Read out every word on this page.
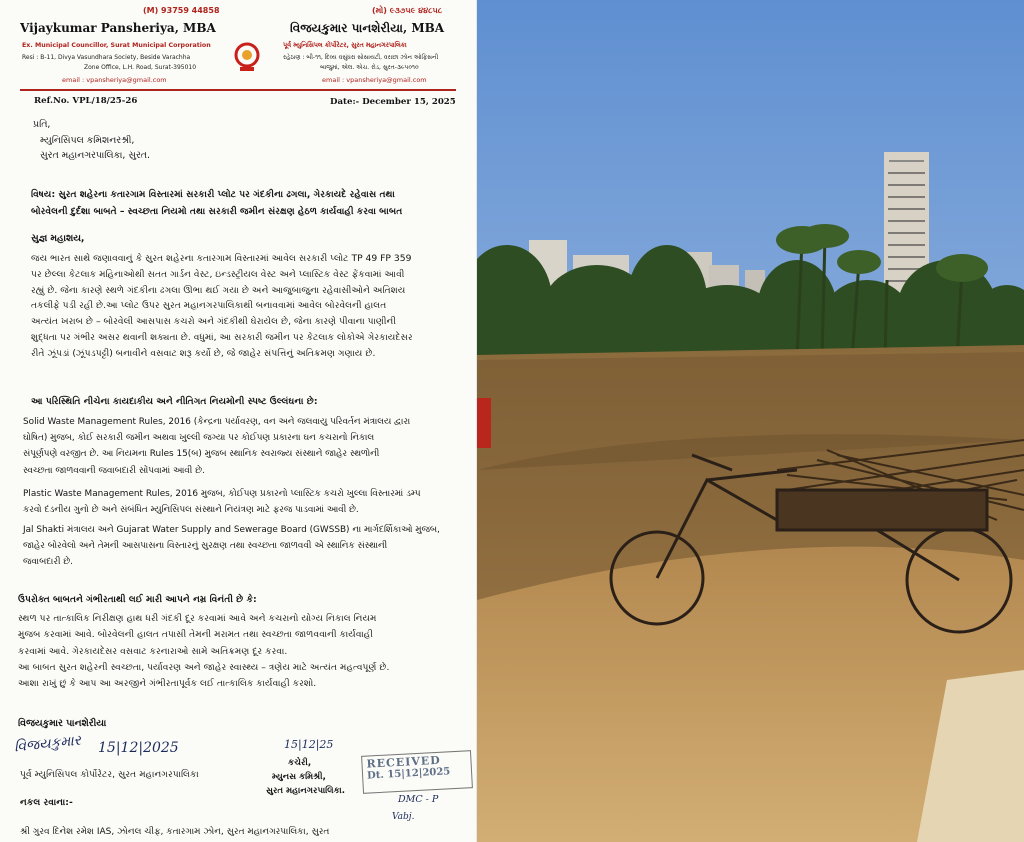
(M) 93759 44858
Vijaykumar Pansheriya, MBA
Ex. Municipal Councillor, Surat Municipal Corporation
Resi : B-11, Divya Vasundhara Society, Beside Varachha
Zone Office, L.H. Road, Surat-395010
email : vpansheriya@gmail.com
(મો) ૯૩૭૫૯ ૪૪૮૫૮
વિજયકુમાર પાનશેરીયા, MBA
પૂર્વ મ્યુનિસિપલ કોર્પોરેટર, સુરત મહાનગરપાલિકા
રહેઠાણ : બી-૧૧, દિવ્ય વસુંધરા સોસાયટી, વરાછા ઝોન ઓફિસની
બાજુમાં, એલ. એચ. રોડ, સુરત-૩૯૫૦૧૦
email : vpansheriya@gmail.com
Ref.No. VPL/18/25-26	Date:- December 15, 2025
પ્રતિ,
મ્યુનિસિપલ કમિશનરશ્રી,
સુરત મહાનગરપાલિકા, સુરત.
વિષય: સુરત શહેરના કતારગામ વિસ્તારમાં સરકારી પ્લોટ પર ગંદકીના ઢગલા, ગેરકાયદે રહેવાસ તથા
બોરવેલની દુર્દશા બાબતે – સ્વચ્છતા નિયમો તથા સરકારી જમીન સંરક્ષણ હેઠળ કાર્યવાહી કરવા બાબત
સુજ્ઞ મહાશય,
જય ભારત સાથે જણાવવાનું કે સુરત શહેરના કતારગામ વિસ્તારમાં આવેલ સરકારી પ્લોટ TP 49 FP 359
પર છેલ્લા કેટલાક મહિનાઓથી સતત ગાર્ડન વેસ્ટ, ઇન્ડસ્ટ્રીયલ વેસ્ટ અને પ્લાસ્ટિક વેસ્ટ ફેંકવામાં આવી
રહ્યું છે. જેના કારણે સ્થળે ગંદકીના ઢગલા ઊભા થઈ ગયા છે અને આજુબાજુના રહેવાસીઓને અતિશય
તકલીફે પડી રહી છે.આ પ્લોટ ઉપર સુરત મહાનગરપાલિકાથી બનાવવામાં આવેલ બોરવેલની હાલત
અત્યંત ખરાબ છે – બોરવેલી આસપાસ કચરો અને ગંદકીથી ઘેરાયેલ છે, જેના કારણે પીવાના પાણીની
શુદ્ધતા પર ગંભીર અસર થવાની શક્યતા છે. વધુમાં, આ સરકારી જમીન પર કેટલાક લોકોએ ગેરકાયદેસર
રીતે ઝૂંપડાં (ઝૂંપડપટ્ટી) બનાવીને વસવાટ શરૂ કર્યો છે, જે જાહેર સંપત્તિનું અતિક્રમણ ગણાય છે.
આ પરિસ્થિતિ નીચેના કાયદાકીય અને નીતિગત નિયમોની સ્પષ્ટ ઉલ્લંઘના છે:
Solid Waste Management Rules, 2016 (કેન્દ્રના પર્યાવરણ, વન અને જલવાયુ પરિવર્તન મંત્રાલય દ્વારા
ઘોષિત) મુજબ, કોઈ સરકારી જમીન અથવા ખુલ્લી જગ્યા પર કોઈપણ પ્રકારના ઘન કચરાનો નિકાલ
સંપૂર્ણપણે વરજીત છે. આ નિયમના Rules 15(બ) મુજબ સ્થાનિક સ્વરાજ્ય સંસ્થાને જાહેર સ્થળોની
સ્વચ્છતા જાળવવાની જવાબદારી સોંપવામાં આવી છે.
Plastic Waste Management Rules, 2016 મુજબ, કોઈપણ પ્રકારનો પ્લાસ્ટિક કચરો ખુલ્લા વિસ્તારમાં ડમ્પ
કરવો દંડનીય ગુનો છે અને સંબંધિત મ્યુનિસિપલ સંસ્થાને નિયંત્રણ માટે ફરજ પાડવામાં આવી છે.
Jal Shakti મંત્રાલય અને Gujarat Water Supply and Sewerage Board (GWSSB) ના માર્ગદર્શિકાઓ મુજબ,
જાહેર બોરવેલો અને તેમની આસપાસના વિસ્તારનું સુરક્ષણ તથા સ્વચ્છતા જાળવવી એ સ્થાનિક સંસ્થાની
જવાબદારી છે.
ઉપરોક્ત બાબતને ગંભીરતાથી લઈ મારી આપને નમ્ર વિનંતી છે કે:
સ્થળ પર તાત્કાલિક નિરીક્ષણ હાથ ધરી ગંદકી દૂર કરવામાં આવે અને કચરાનો યોગ્ય નિકાલ નિયમ
મુજબ કરવામાં આવે. બોરવેલની હાલત તપાસી તેમની મરામત તથા સ્વચ્છતા જાળવવાની કાર્યવાહી
કરવામાં આવે. ગેરકાયદેસર વસવાટ કરનારાઓ સામે અતિક્રમણ દૂર કરવા.
આ બાબત સુરત શહેરની સ્વચ્છતા, પર્યાવરણ અને જાહેર સ્વાસ્થ્ય – ત્રણેય માટે અત્યંત મહત્વપૂર્ણ છે.
આશા રાખું છું કે આપ આ અરજીને ગંભીરતાપૂર્વક લઈ તાત્કાલિક કાર્યવાહી કરશો.
વિજયકુમાર પાનશેરીયા
વિજયકુમાર 15|12|2025
પૂર્વ મ્યુનિસિપલ કોર્પોરેટર, સુરત મહાનગરપાલિકા
15|12|25
કચેરી,
મ્યુનસ કમિશ્રી,
સુરત મહાનગરપાલિકા.
RECEIVED
Dt. 15|12|2025
DMC - P
Vabj.
નકલ રવાના:-
શ્રી ગુરવ દિનેશ રમેશ IAS, ઝોનલ ચીફ, કતારગામ ઝોન, સુરત મહાનગરપાલિકા, સુરત
